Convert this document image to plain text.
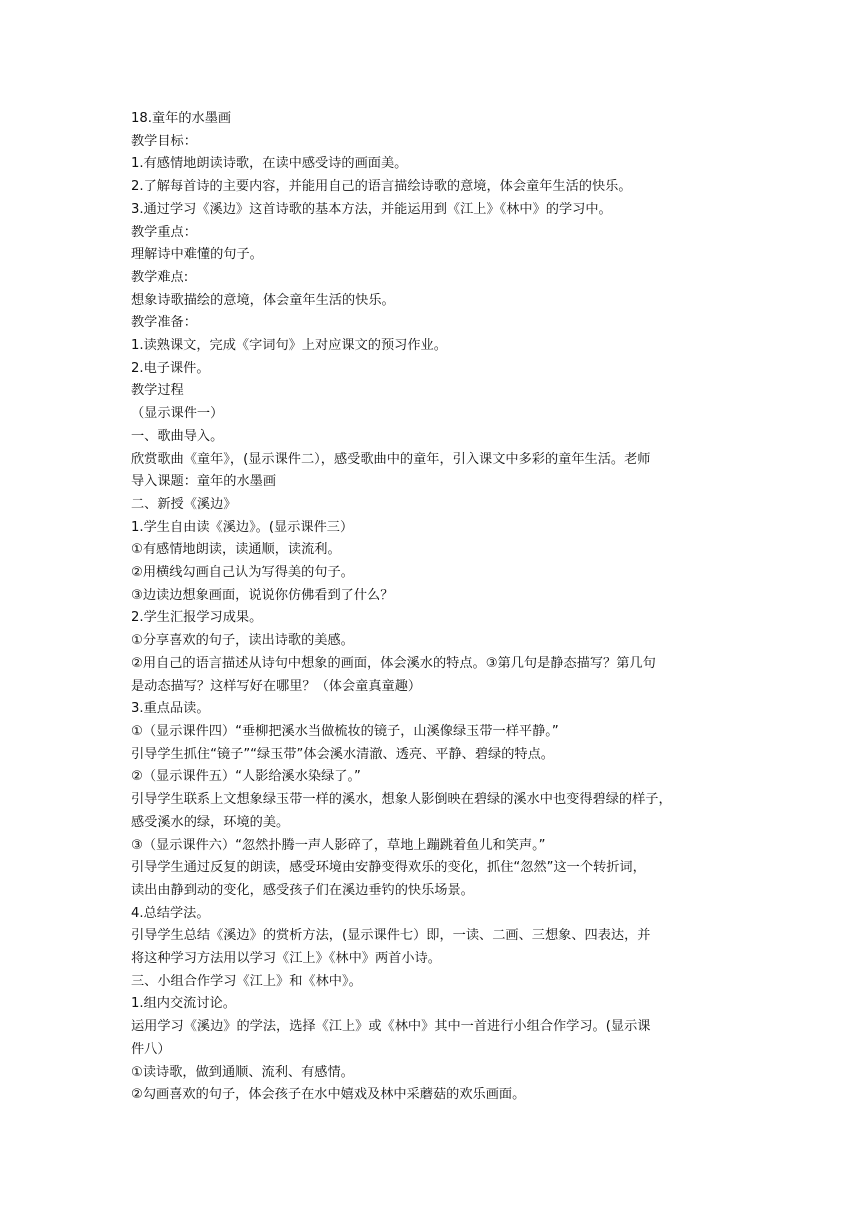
18.童年的水墨画
教学目标：
1.有感情地朗读诗歌，在读中感受诗的画面美。
2.了解每首诗的主要内容，并能用自己的语言描绘诗歌的意境，体会童年生活的快乐。
3.通过学习《溪边》这首诗歌的基本方法，并能运用到《江上》《林中》的学习中。
教学重点：
理解诗中难懂的句子。
教学难点:
想象诗歌描绘的意境，体会童年生活的快乐。
教学准备：
1.读熟课文，完成《字词句》上对应课文的预习作业。
2.电子课件。
教学过程
（显示课件一）
一、歌曲导入。
欣赏歌曲《童年》，(显示课件二），感受歌曲中的童年，引入课文中多彩的童年生活。老师
导入课题：童年的水墨画
二、新授《溪边》
1.学生自由读《溪边》。(显示课件三）
①有感情地朗读，读通顺，读流利。
②用横线勾画自己认为写得美的句子。
③边读边想象画面，说说你仿佛看到了什么？
2.学生汇报学习成果。
①分享喜欢的句子，读出诗歌的美感。
②用自己的语言描述从诗句中想象的画面，体会溪水的特点。③第几句是静态描写？第几句
是动态描写？这样写好在哪里？（体会童真童趣）
3.重点品读。
①（显示课件四）“垂柳把溪水当做梳妆的镜子，山溪像绿玉带一样平静。”
引导学生抓住“镜子”“绿玉带”体会溪水清澈、透亮、平静、碧绿的特点。
②（显示课件五）“人影给溪水染绿了。”
引导学生联系上文想象绿玉带一样的溪水，想象人影倒映在碧绿的溪水中也变得碧绿的样子，
感受溪水的绿，环境的美。
③（显示课件六）“忽然扑腾一声人影碎了，草地上蹦跳着鱼儿和笑声。”
引导学生通过反复的朗读，感受环境由安静变得欢乐的变化，抓住“忽然”这一个转折词，
读出由静到动的变化，感受孩子们在溪边垂钓的快乐场景。
4.总结学法。
引导学生总结《溪边》的赏析方法，(显示课件七）即，一读、二画、三想象、四表达，并
将这种学习方法用以学习《江上》《林中》两首小诗。
三、小组合作学习《江上》和《林中》。
1.组内交流讨论。
运用学习《溪边》的学法，选择《江上》或《林中》其中一首进行小组合作学习。(显示课
件八）
①读诗歌，做到通顺、流利、有感情。
②勾画喜欢的句子，体会孩子在水中嬉戏及林中采蘑菇的欢乐画面。
